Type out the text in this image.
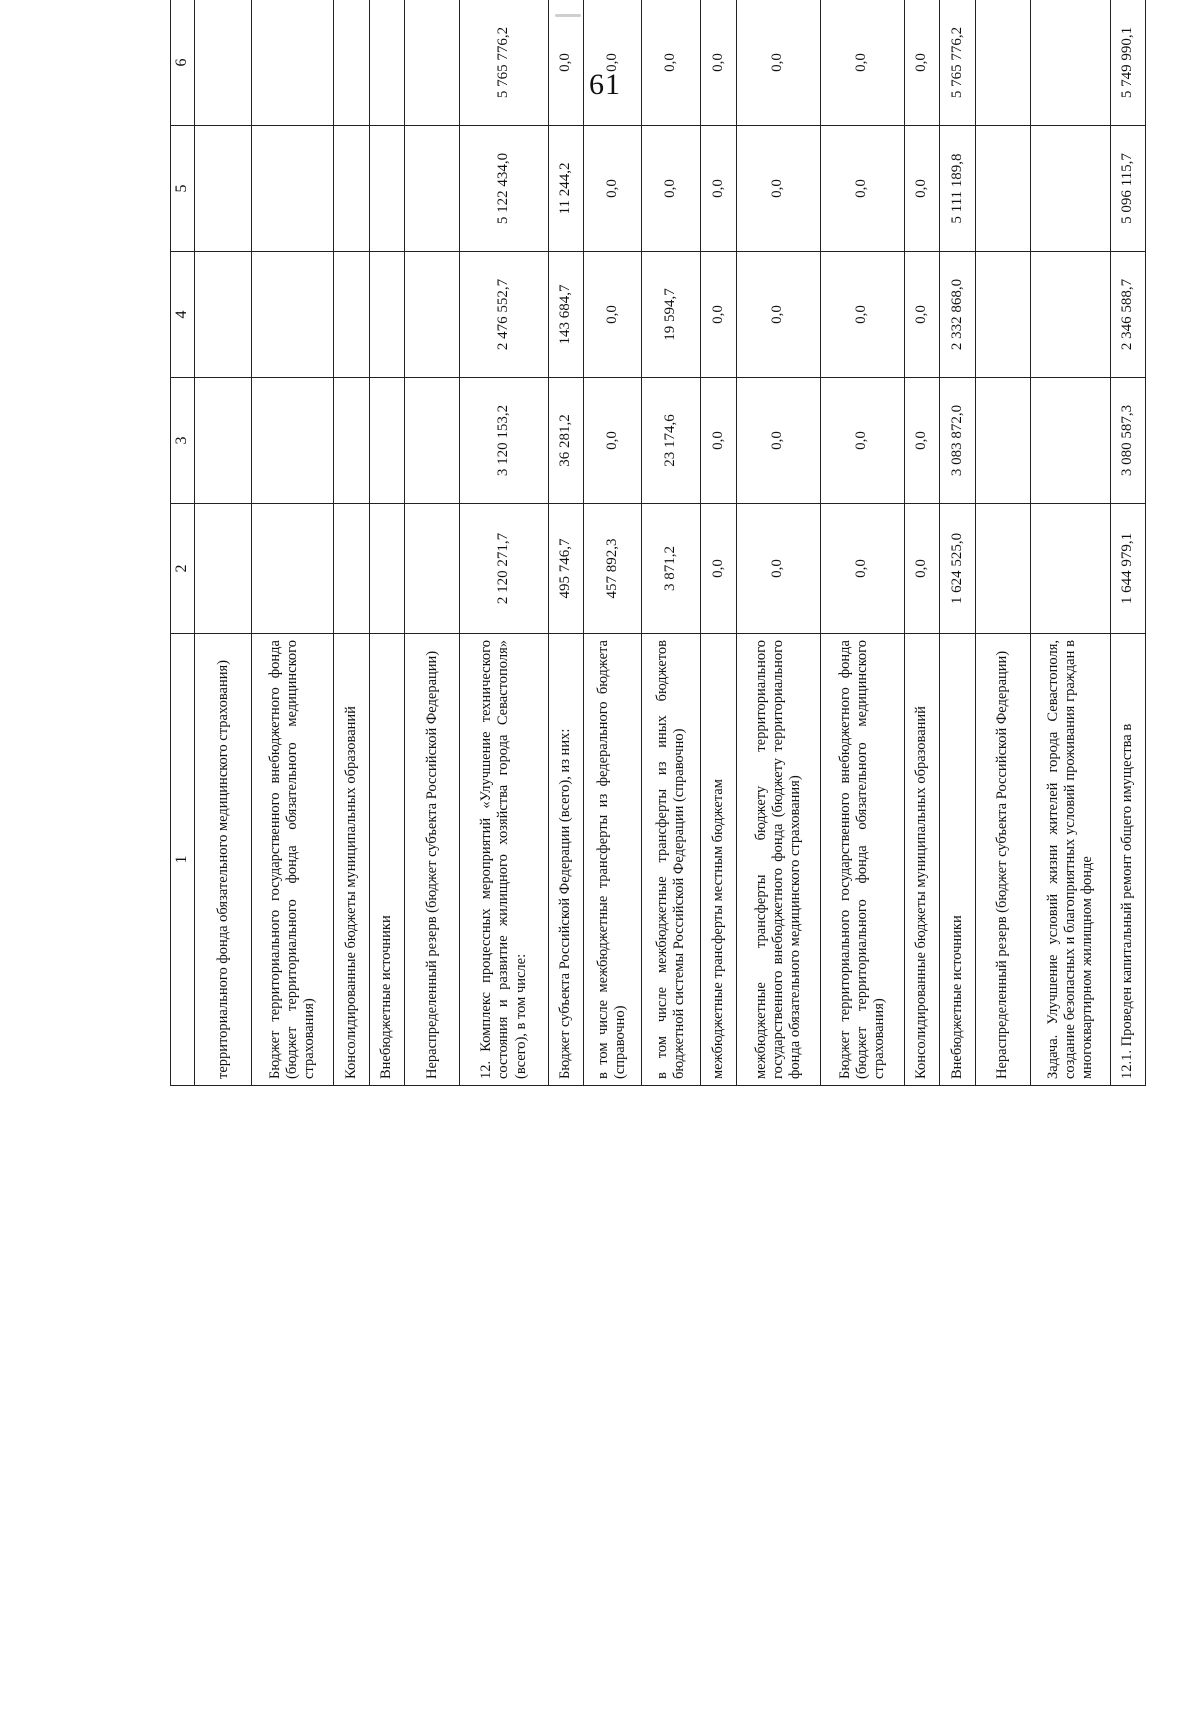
61
1	2	3	4	5	6			
территориального фонда обязательного медицинского страхования)								
Бюджет территориального государственного внебюджетного фонда (бюджет территориального фонда обязательного медицинского страхования)								
Консолидированные бюджеты муниципальных образований								
Внебюджетные источники								
Нераспределенный резерв (бюджет субъекта Российской Федерации)								
12. Комплекс процессных мероприятий «Улучшение технического состояния и развитие жилищного хозяйства города Севастополя» (всего), в том числе:	2 120 271,7	3 120 153,2	2 476 552,7	5 122 434,0	5 765 776,2			
Бюджет субъекта Российской Федерации (всего), из них:	495 746,7	36 281,2	143 684,7	11 244,2	0,0			
в том числе межбюджетные трансферты из федерального бюджета (справочно)	457 892,3	0,0	0,0	0,0	0,0			
в том числе межбюджетные трансферты из иных бюджетов бюджетной системы Российской Федерации (справочно)	3 871,2	23 174,6	19 594,7	0,0	0,0			
межбюджетные трансферты местным бюджетам	0,0	0,0	0,0	0,0	0,0			
межбюджетные трансферты бюджету территориального государственного внебюджетного фонда (бюджету территориального фонда обязательного медицинского страхования)	0,0	0,0	0,0	0,0	0,0			
Бюджет территориального государственного внебюджетного фонда (бюджет территориального фонда обязательного медицинского страхования)	0,0	0,0	0,0	0,0	0,0			
Консолидированные бюджеты муниципальных образований	0,0	0,0	0,0	0,0	0,0			
Внебюджетные источники	1 624 525,0	3 083 872,0	2 332 868,0	5 111 189,8	5 765 776,2			
Нераспределенный резерв (бюджет субъекта Российской Федерации)								
Задача. Улучшение условий жизни жителей города Севастополя, создание безопасных и благоприятных условий проживания граждан в многоквартирном жилищном фонде								
12.1. Проведен капитальный ремонт общего имущества в	1 644 979,1	3 080 587,3	2 346 588,7	5 096 115,7	5 749 990,1			
